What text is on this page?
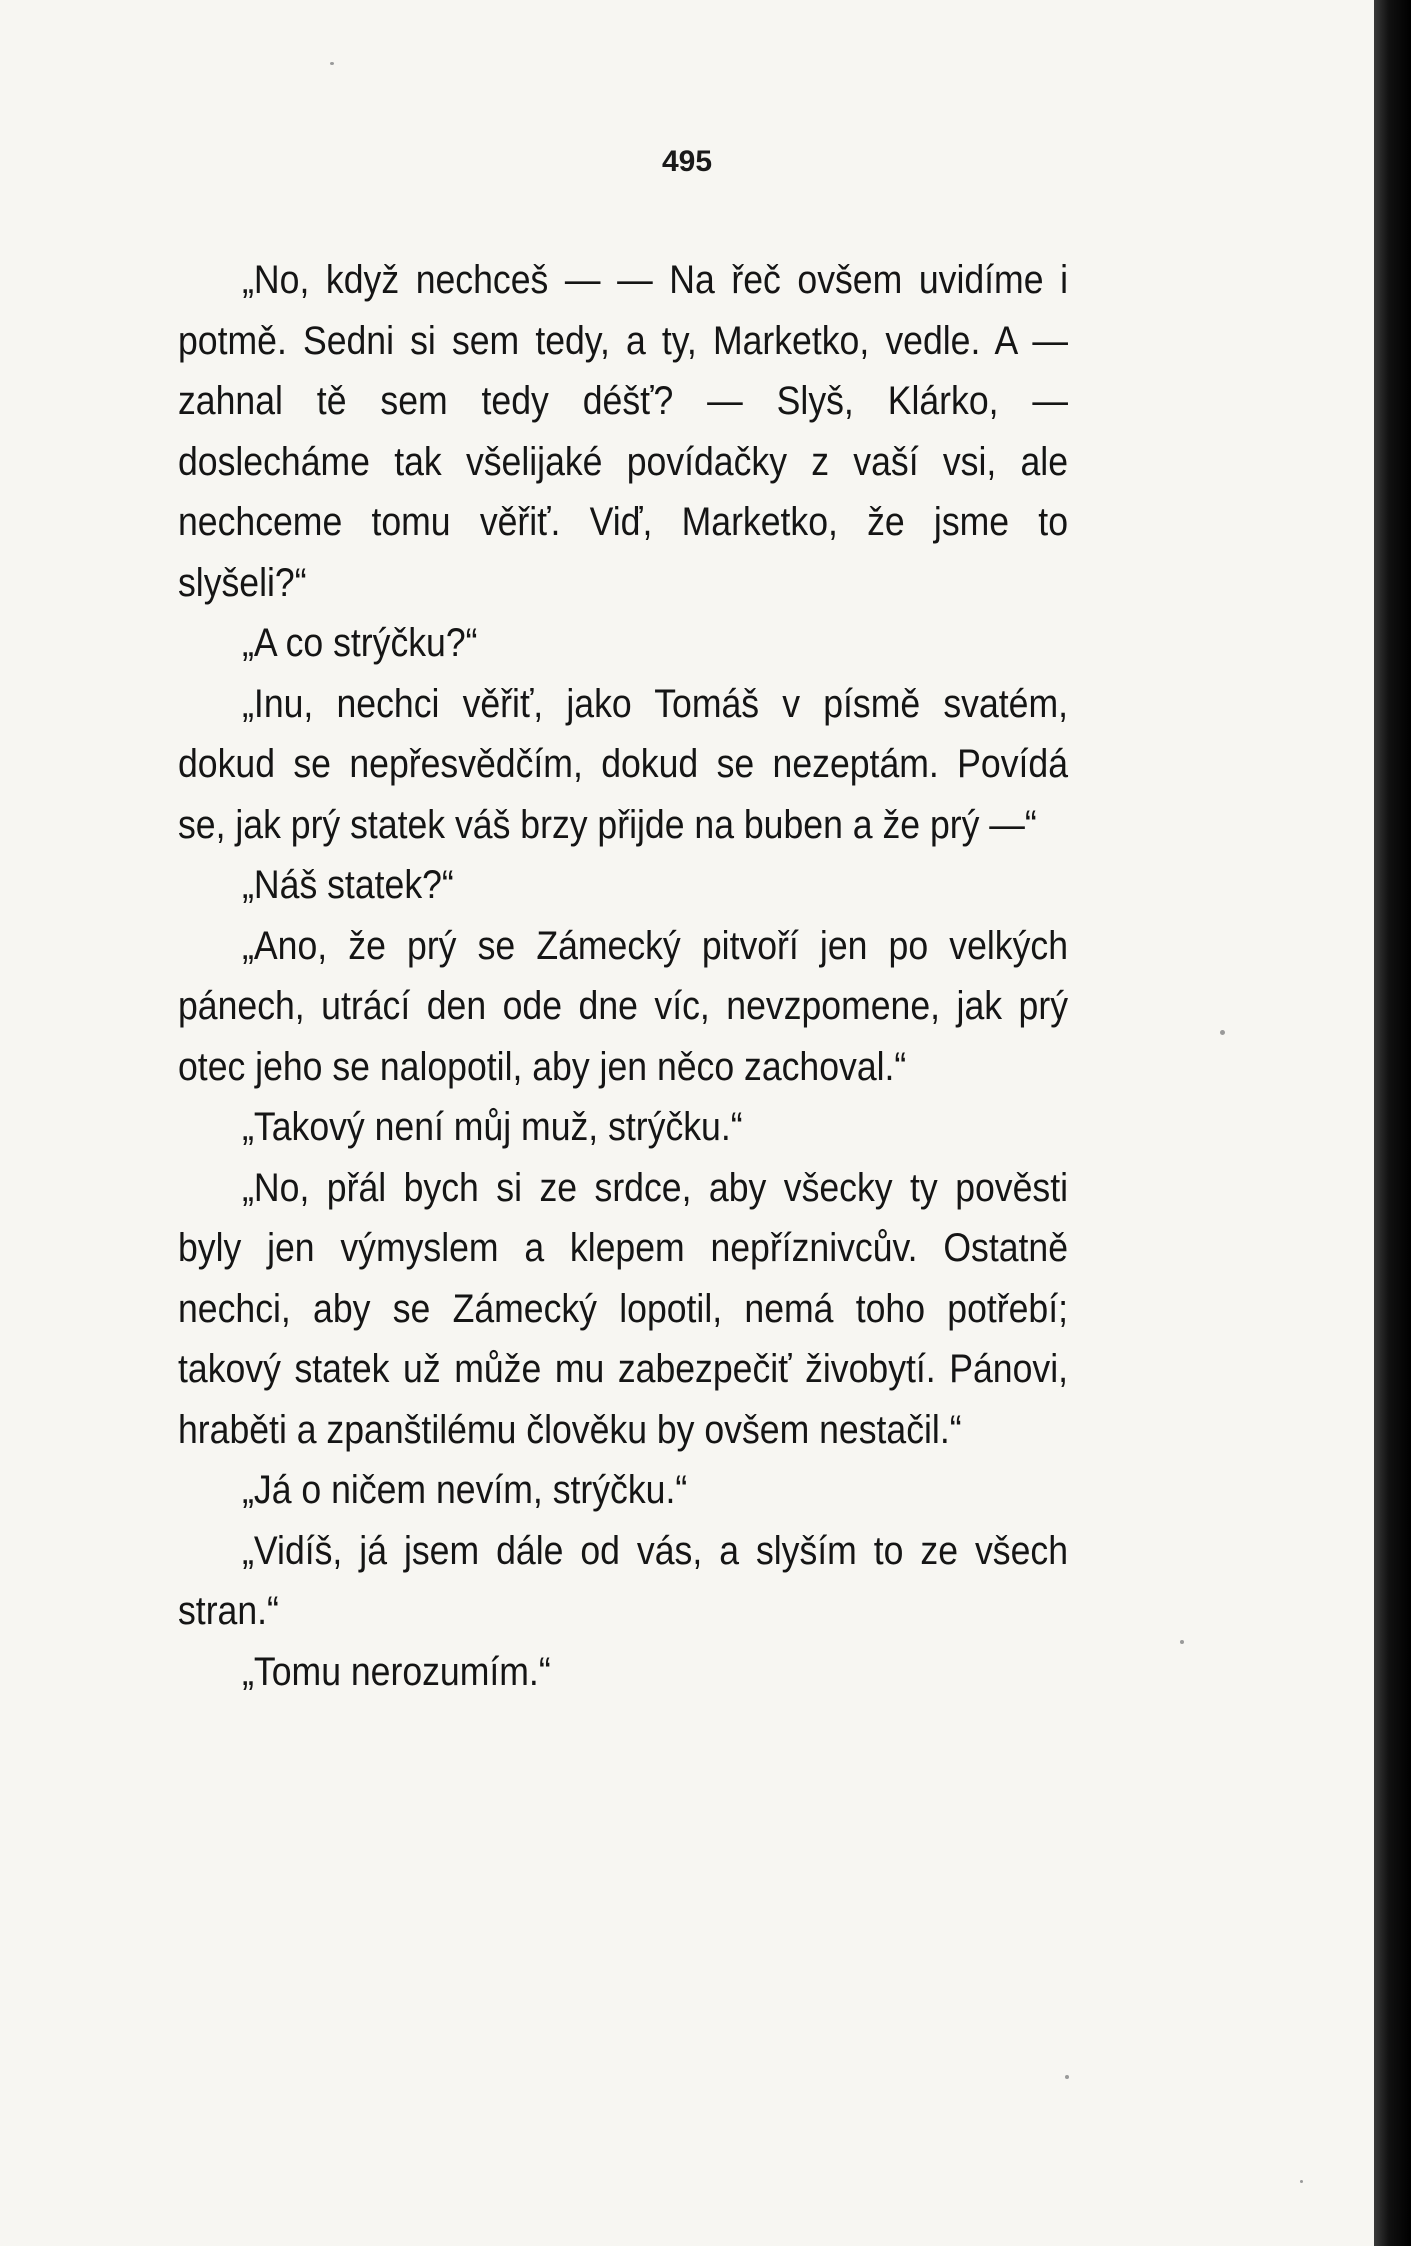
495

„No, když nechceš — — Na řeč ovšem uvidíme i potmě. Sedni si sem tedy, a ty, Marketko, vedle. A — zahnal tě sem tedy déšť? — Slyš, Klárko, — doslecháme tak všelijaké povídačky z vaší vsi, ale nechceme tomu věřiť. Viď, Marketko, že jsme to slyšeli?“

„A co strýčku?“

„Inu, nechci věřiť, jako Tomáš v písmě svatém, dokud se nepřesvědčím, dokud se nezeptám. Povídá se, jak prý statek váš brzy přijde na buben a že prý —“

„Náš statek?“

„Ano, že prý se Zámecký pitvoří jen po velkých pánech, utrácí den ode dne víc, nevzpomene, jak prý otec jeho se nalopotil, aby jen něco zachoval.“

„Takový není můj muž, strýčku.“

„No, přál bych si ze srdce, aby všecky ty pověsti byly jen výmyslem a klepem nepříznivcův. Ostatně nechci, aby se Zámecký lopotil, nemá toho potřebí; takový statek už může mu zabezpečiť živobytí. Pánovi, hraběti a zpanštilému člověku by ovšem nestačil.“

„Já o ničem nevím, strýčku.“

„Vidíš, já jsem dále od vás, a slyším to ze všech stran.“

„Tomu nerozumím.“
